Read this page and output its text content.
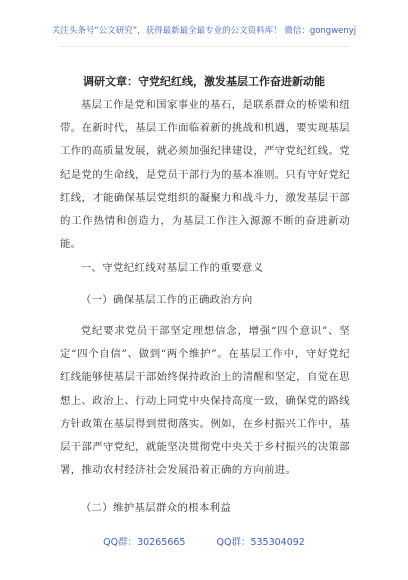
关注头条号“公文研究”，获得最新最全最专业的公文资料库！ 微信：gongwenyj
调研文章：守党纪红线，激发基层工作奋进新动能

基层工作是党和国家事业的基石，是联系群众的桥梁和纽带。在新时代，基层工作面临着新的挑战和机遇，要实现基层工作的高质量发展，就必须加强纪律建设，严守党纪红线。党纪是党的生命线，是党员干部行为的基本准则。只有守好党纪红线，才能确保基层党组织的凝聚力和战斗力，激发基层干部的工作热情和创造力，为基层工作注入源源不断的奋进新动能。

一、守党纪红线对基层工作的重要意义

（一）确保基层工作的正确政治方向

党纪要求党员干部坚定理想信念，增强“四个意识”、坚定“四个自信”、做到“两个维护”。在基层工作中，守好党纪红线能够使基层干部始终保持政治上的清醒和坚定，自觉在思想上、政治上、行动上同党中央保持高度一致，确保党的路线方针政策在基层得到贯彻落实。例如，在乡村振兴工作中，基层干部严守党纪，就能坚决贯彻党中央关于乡村振兴的决策部署，推动农村经济社会发展沿着正确的方向前进。

（二）维护基层群众的根本利益

QQ群：30265665	QQ群：535304092
